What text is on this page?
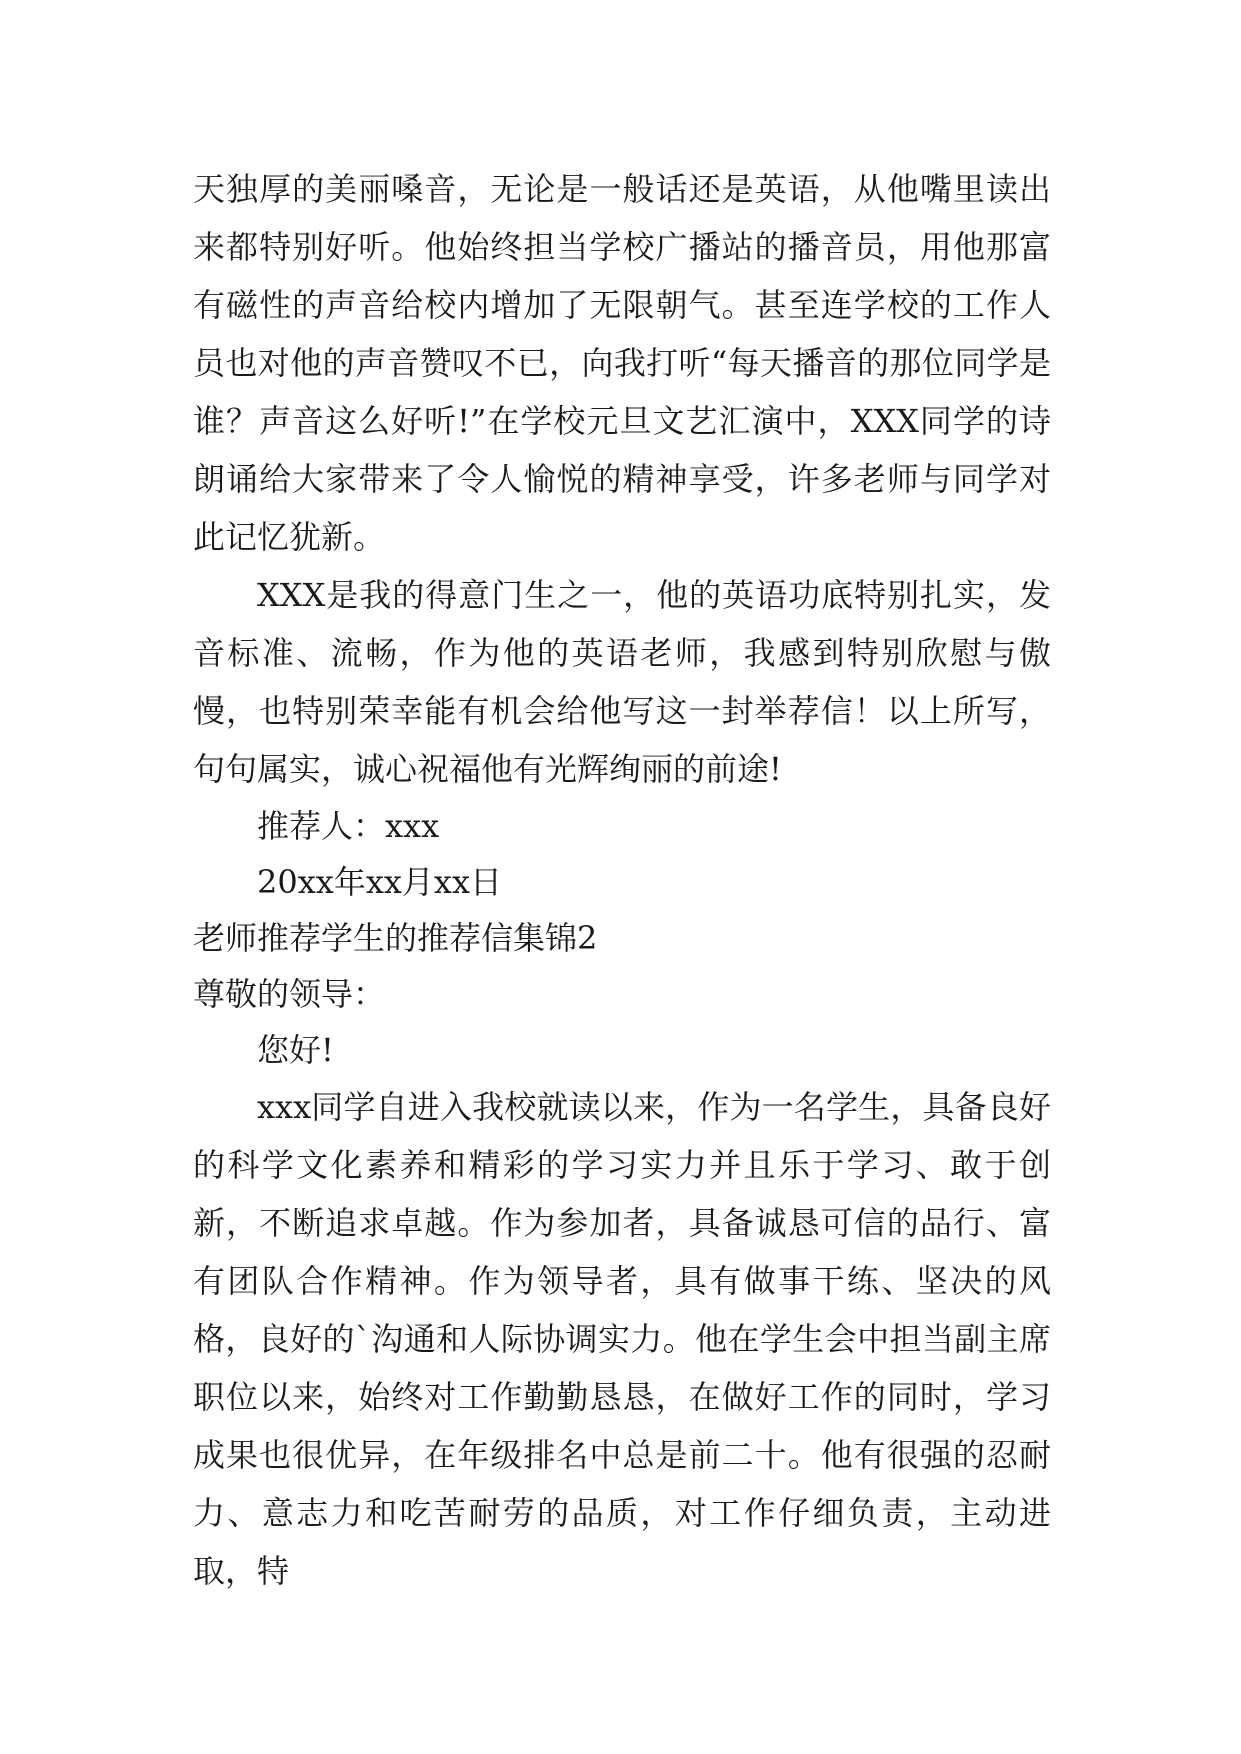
天独厚的美丽嗓音，无论是一般话还是英语，从他嘴里读出来都特别好听。他始终担当学校广播站的播音员，用他那富有磁性的声音给校内增加了无限朝气。甚至连学校的工作人员也对他的声音赞叹不已，向我打听“每天播音的那位同学是谁？声音这么好听!”在学校元旦文艺汇演中，XXX同学的诗朗诵给大家带来了令人愉悦的精神享受，许多老师与同学对此记忆犹新。

XXX是我的得意门生之一，他的英语功底特别扎实，发音标准、流畅，作为他的英语老师，我感到特别欣慰与傲慢，也特别荣幸能有机会给他写这一封举荐信！以上所写，句句属实，诚心祝福他有光辉绚丽的前途!

推荐人：xxx

20xx年xx月xx日

老师推荐学生的推荐信集锦2

尊敬的领导：

您好!

xxx同学自进入我校就读以来，作为一名学生，具备良好的科学文化素养和精彩的学习实力并且乐于学习、敢于创新，不断追求卓越。作为参加者，具备诚恳可信的品行、富有团队合作精神。作为领导者，具有做事干练、坚决的风格，良好的`沟通和人际协调实力。他在学生会中担当副主席职位以来，始终对工作勤勤恳恳，在做好工作的同时，学习成果也很优异，在年级排名中总是前二十。他有很强的忍耐力、意志力和吃苦耐劳的品质，对工作仔细负责，主动进取，特
